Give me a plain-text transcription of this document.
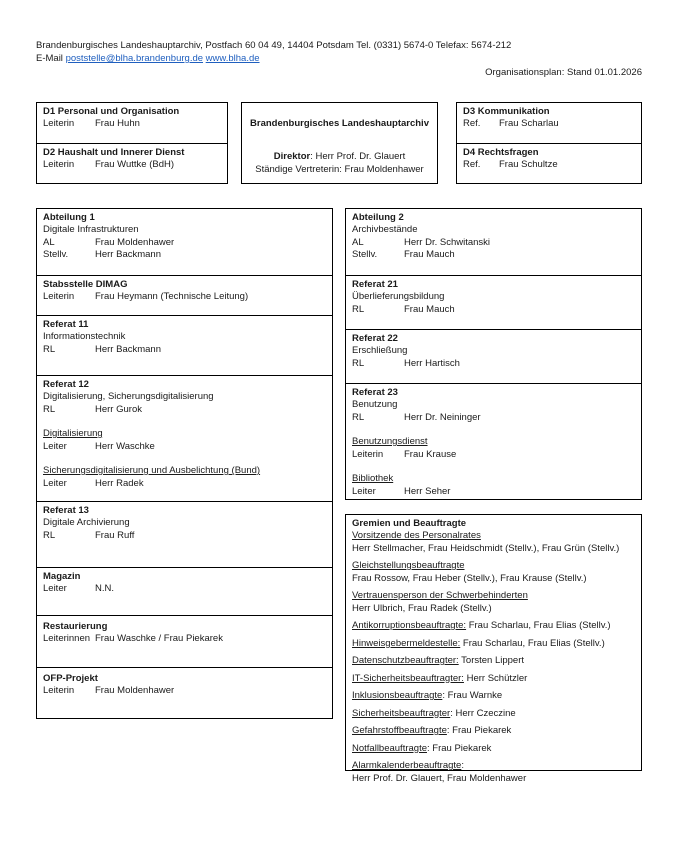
Brandenburgisches Landeshauptarchiv, Postfach 60 04 49, 14404 Potsdam Tel. (0331) 5674-0 Telefax: 5674-212
E-Mail poststelle@blha.brandenburg.de www.blha.de
Organisationsplan: Stand 01.01.2026
D1 Personal und Organisation
Leiterin Frau Huhn
D2 Haushalt und Innerer Dienst
Leiterin Frau Wuttke (BdH)
Brandenburgisches Landeshauptarchiv
Direktor: Herr Prof. Dr. Glauert
Ständige Vertreterin: Frau Moldenhawer
D3 Kommunikation
Ref. Frau Scharlau
D4 Rechtsfragen
Ref. Frau Schultze
Abteilung 1
Digitale Infrastrukturen
AL	Frau Moldenhawer
Stellv.	Herr Backmann
Stabsstelle DIMAG
Leiterin Frau Heymann (Technische Leitung)
Referat 11
Informationstechnik
RL	Herr Backmann
Referat 12
Digitalisierung, Sicherungsdigitalisierung
RL	Herr Gurok
Digitalisierung
Leiter	Herr Waschke
Sicherungsdigitalisierung und Ausbelichtung (Bund)
Leiter	Herr Radek
Referat 13
Digitale Archivierung
RL	Frau Ruff
Magazin
Leiter	N.N.
Restaurierung
Leiterinnen Frau Waschke / Frau Piekarek
OFP-Projekt
Leiterin Frau Moldenhawer
Abteilung 2
Archivbestände
AL	Herr Dr. Schwitanski
Stellv.	Frau Mauch
Referat 21
Überlieferungsbildung
RL	Frau Mauch
Referat 22
Erschließung
RL	Herr Hartisch
Referat 23
Benutzung
RL	Herr Dr. Neininger
Benutzungsdienst
Leiterin Frau Krause
Bibliothek
Leiter	Herr Seher
Gremien und Beauftragte
Vorsitzende des Personalrates
Herr Stellmacher, Frau Heidschmidt (Stellv.), Frau Grün (Stellv.)
Gleichstellungsbeauftragte
Frau Rossow, Frau Heber (Stellv.), Frau Krause (Stellv.)
Vertrauensperson der Schwerbehinderten
Herr Ulbrich, Frau Radek (Stellv.)
Antikorruptionsbeauftragte: Frau Scharlau, Frau Elias (Stellv.)
Hinweisgebermeldestelle: Frau Scharlau, Frau Elias (Stellv.)
Datenschutzbeauftragter: Torsten Lippert
IT-Sicherheitsbeauftragter: Herr Schützler
Inklusionsbeauftragte: Frau Warnke
Sicherheitsbeauftragter: Herr Czeczine
Gefahrstoffbeauftragte: Frau Piekarek
Notfallbeauftragte: Frau Piekarek
Alarmkalenderbeauftragte:
Herr Prof. Dr. Glauert, Frau Moldenhawer
